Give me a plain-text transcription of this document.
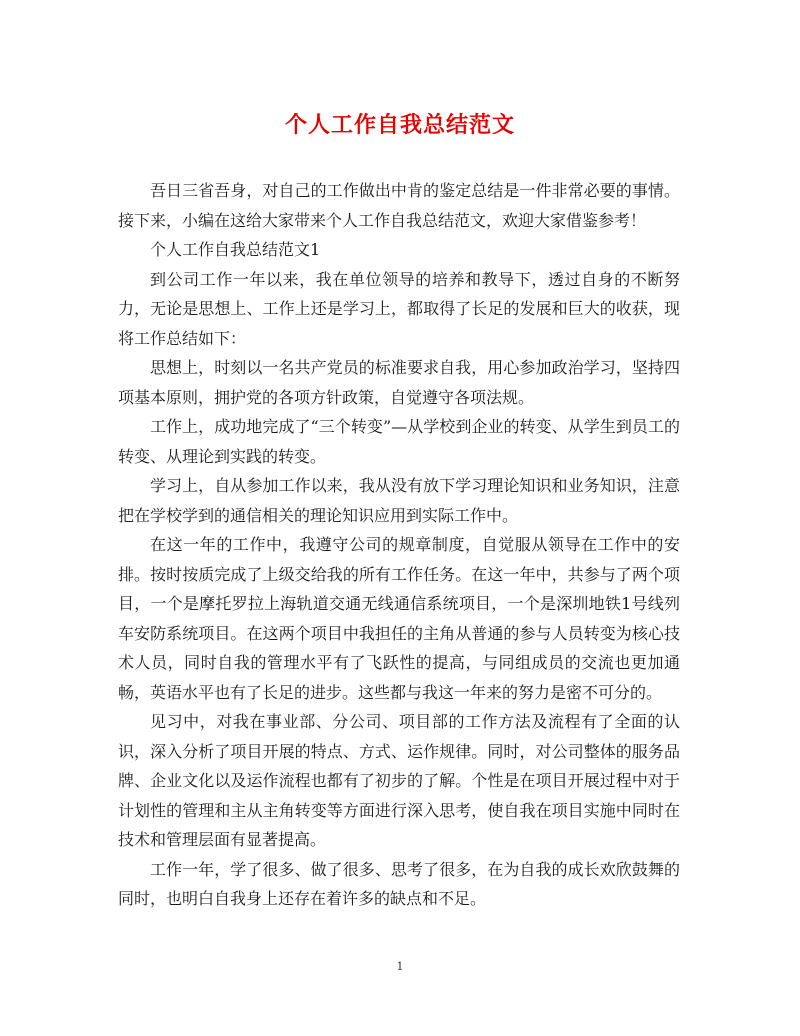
个人工作自我总结范文

吾日三省吾身，对自己的工作做出中肯的鉴定总结是一件非常必要的事情。接下来，小编在这给大家带来个人工作自我总结范文，欢迎大家借鉴参考！

个人工作自我总结范文1

到公司工作一年以来，我在单位领导的培养和教导下，透过自身的不断努力，无论是思想上、工作上还是学习上，都取得了长足的发展和巨大的收获，现将工作总结如下：

思想上，时刻以一名共产党员的标准要求自我，用心参加政治学习，坚持四项基本原则，拥护党的各项方针政策，自觉遵守各项法规。

工作上，成功地完成了“三个转变”—从学校到企业的转变、从学生到员工的转变、从理论到实践的转变。

学习上，自从参加工作以来，我从没有放下学习理论知识和业务知识，注意把在学校学到的通信相关的理论知识应用到实际工作中。

在这一年的工作中，我遵守公司的规章制度，自觉服从领导在工作中的安排。按时按质完成了上级交给我的所有工作任务。在这一年中，共参与了两个项目，一个是摩托罗拉上海轨道交通无线通信系统项目，一个是深圳地铁1号线列车安防系统项目。在这两个项目中我担任的主角从普通的参与人员转变为核心技术人员，同时自我的管理水平有了飞跃性的提高，与同组成员的交流也更加通畅，英语水平也有了长足的进步。这些都与我这一年来的努力是密不可分的。

见习中，对我在事业部、分公司、项目部的工作方法及流程有了全面的认识，深入分析了项目开展的特点、方式、运作规律。同时，对公司整体的服务品牌、企业文化以及运作流程也都有了初步的了解。个性是在项目开展过程中对于计划性的管理和主从主角转变等方面进行深入思考，使自我在项目实施中同时在技术和管理层面有显著提高。

工作一年，学了很多、做了很多、思考了很多，在为自我的成长欢欣鼓舞的同时，也明白自我身上还存在着许多的缺点和不足。

1
